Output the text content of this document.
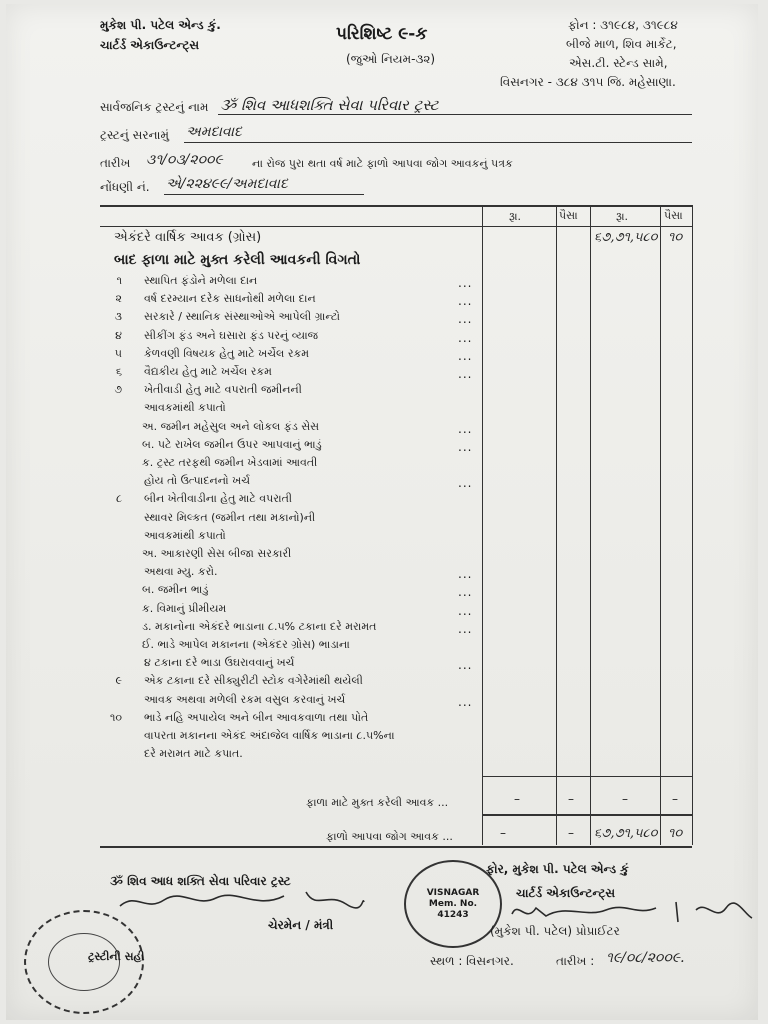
મુકેશ પી. પટેલ એન્ડ કું.
ચાર્ટર્ડ એકાઉન્ટન્ટ્સ
પરિશિષ્ટ ૯-ક
(જુઓ નિયમ-૩૨)
ફોન : ૩૧૯૮૪, ૩૧૯૮૪
બીજે માળ, શિવ માર્કેટ,
એસ.ટી. સ્ટેન્ડ સામે,
વિસનગર - ૩૮૪ ૩૧૫ જિ. મહેસાણા.
સાર્વજનિક ટ્રસ્ટનું નામ ૐ શિવ આધશક્તિ સેવા પરિવાર ટ્રસ્ટ
ટ્રસ્ટનું સરનામું અમદાવાદ
તારીખ ૩૧/૦૩/૨૦૦૯	ના રોજ પુરા થતા વર્ષ માટે ફાળો આપવા જોગ આવકનું પત્રક
નોંધણી નં. એ/૨૨૪૯૯/અમદાવાદ
રૂા.	પૈસા	રૂા.	પૈસા
એકંદરે વાર્ષિક આવક (ગ્રોસ)	૬૭,૭૧,૫૮૦ ૧૦
બાદ ફાળા માટે મુક્ત કરેલી આવકની વિગતો
૧ સ્થાપિત ફંડોને મળેલા દાન	...
૨ વર્ષ દરમ્યાન દરેક સાધનોથી મળેલા દાન	...
૩ સરકારે / સ્થાનિક સંસ્થાઓએ આપેલી ગ્રાન્ટો	...
૪ સીકીંગ ફંડ અને ઘસારા ફંડ પરનું વ્યાજ	...
૫ કેળવણી વિષયક હેતુ માટે ખર્ચેલ રકમ	...
૬ વૈદ્યકીય હેતુ માટે ખર્ચેલ રકમ	...
૭ ખેતીવાડી હેતુ માટે વપરાતી જમીનની
આવકમાંથી કપાતો
અ. જમીન મહેસુલ અને લોકલ ફંડ સેસ	...
બ. પટે રાખેલ જમીન ઉપર આપવાનું ભાડું	...
ક. ટ્રસ્ટ તરફથી જમીન ખેડવામાં આવતી
હોય તો ઉત્પાદનનો ખર્ચ	...
૮ બીન ખેતીવાડીના હેતુ માટે વપરાતી
સ્થાવર મિલ્કત (જમીન તથા મકાનો)ની
આવકમાંથી કપાતો
અ. આકારણી સેસ બીજા સરકારી
અથવા મ્યુ. કરો.	...
બ. જમીન ભાડું	...
ક. વિમાનું પ્રીમીયમ	...
ડ. મકાનોના એકંદરે ભાડાના ૮.૫% ટકાના દરે મરામત	...
ઈ. ભાડે આપેલ મકાનના (એકંદર ગ્રોસ) ભાડાના
૪ ટકાના દરે ભાડા ઉઘરાવવાનું ખર્ચ	...
૯ એક ટકાના દરે સીક્યુરીટી સ્ટોક વગેરેમાંથી થયેલી
આવક અથવા મળેલી રકમ વસુલ કરવાનું ખર્ચ	...
૧૦ ભાડે નહિ અપાયેલ અને બીન આવકવાળા તથા પોતે
વાપરતા મકાનના એકંદ અંદાજેલ વાર્ષિક ભાડાના ૮.૫%ના
દરે મરામત માટે કપાત.
ફાળા માટે મુક્ત કરેલી આવક ...	–	–	–	–
ફાળો આપવા જોગ આવક ...	–	– ૬૭,૭૧,૫૮૦ ૧૦
ૐ શિવ આધ શક્તિ સેવા પરિવાર ટ્રસ્ટ
ચેરમેન / મંત્રી
ટ્રસ્ટીની સહી
VISNAGAR
Mem. No.
41243
ફોર, મુકેશ પી. પટેલ એન્ડ કું
ચાર્ટર્ડ એકાઉન્ટન્ટ્સ
(મુકેશ પી. પટેલ) પ્રોપ્રાઈટર
સ્થળ : વિસનગર.	તારીખ : ૧૯/૦૮/૨૦૦૯.
